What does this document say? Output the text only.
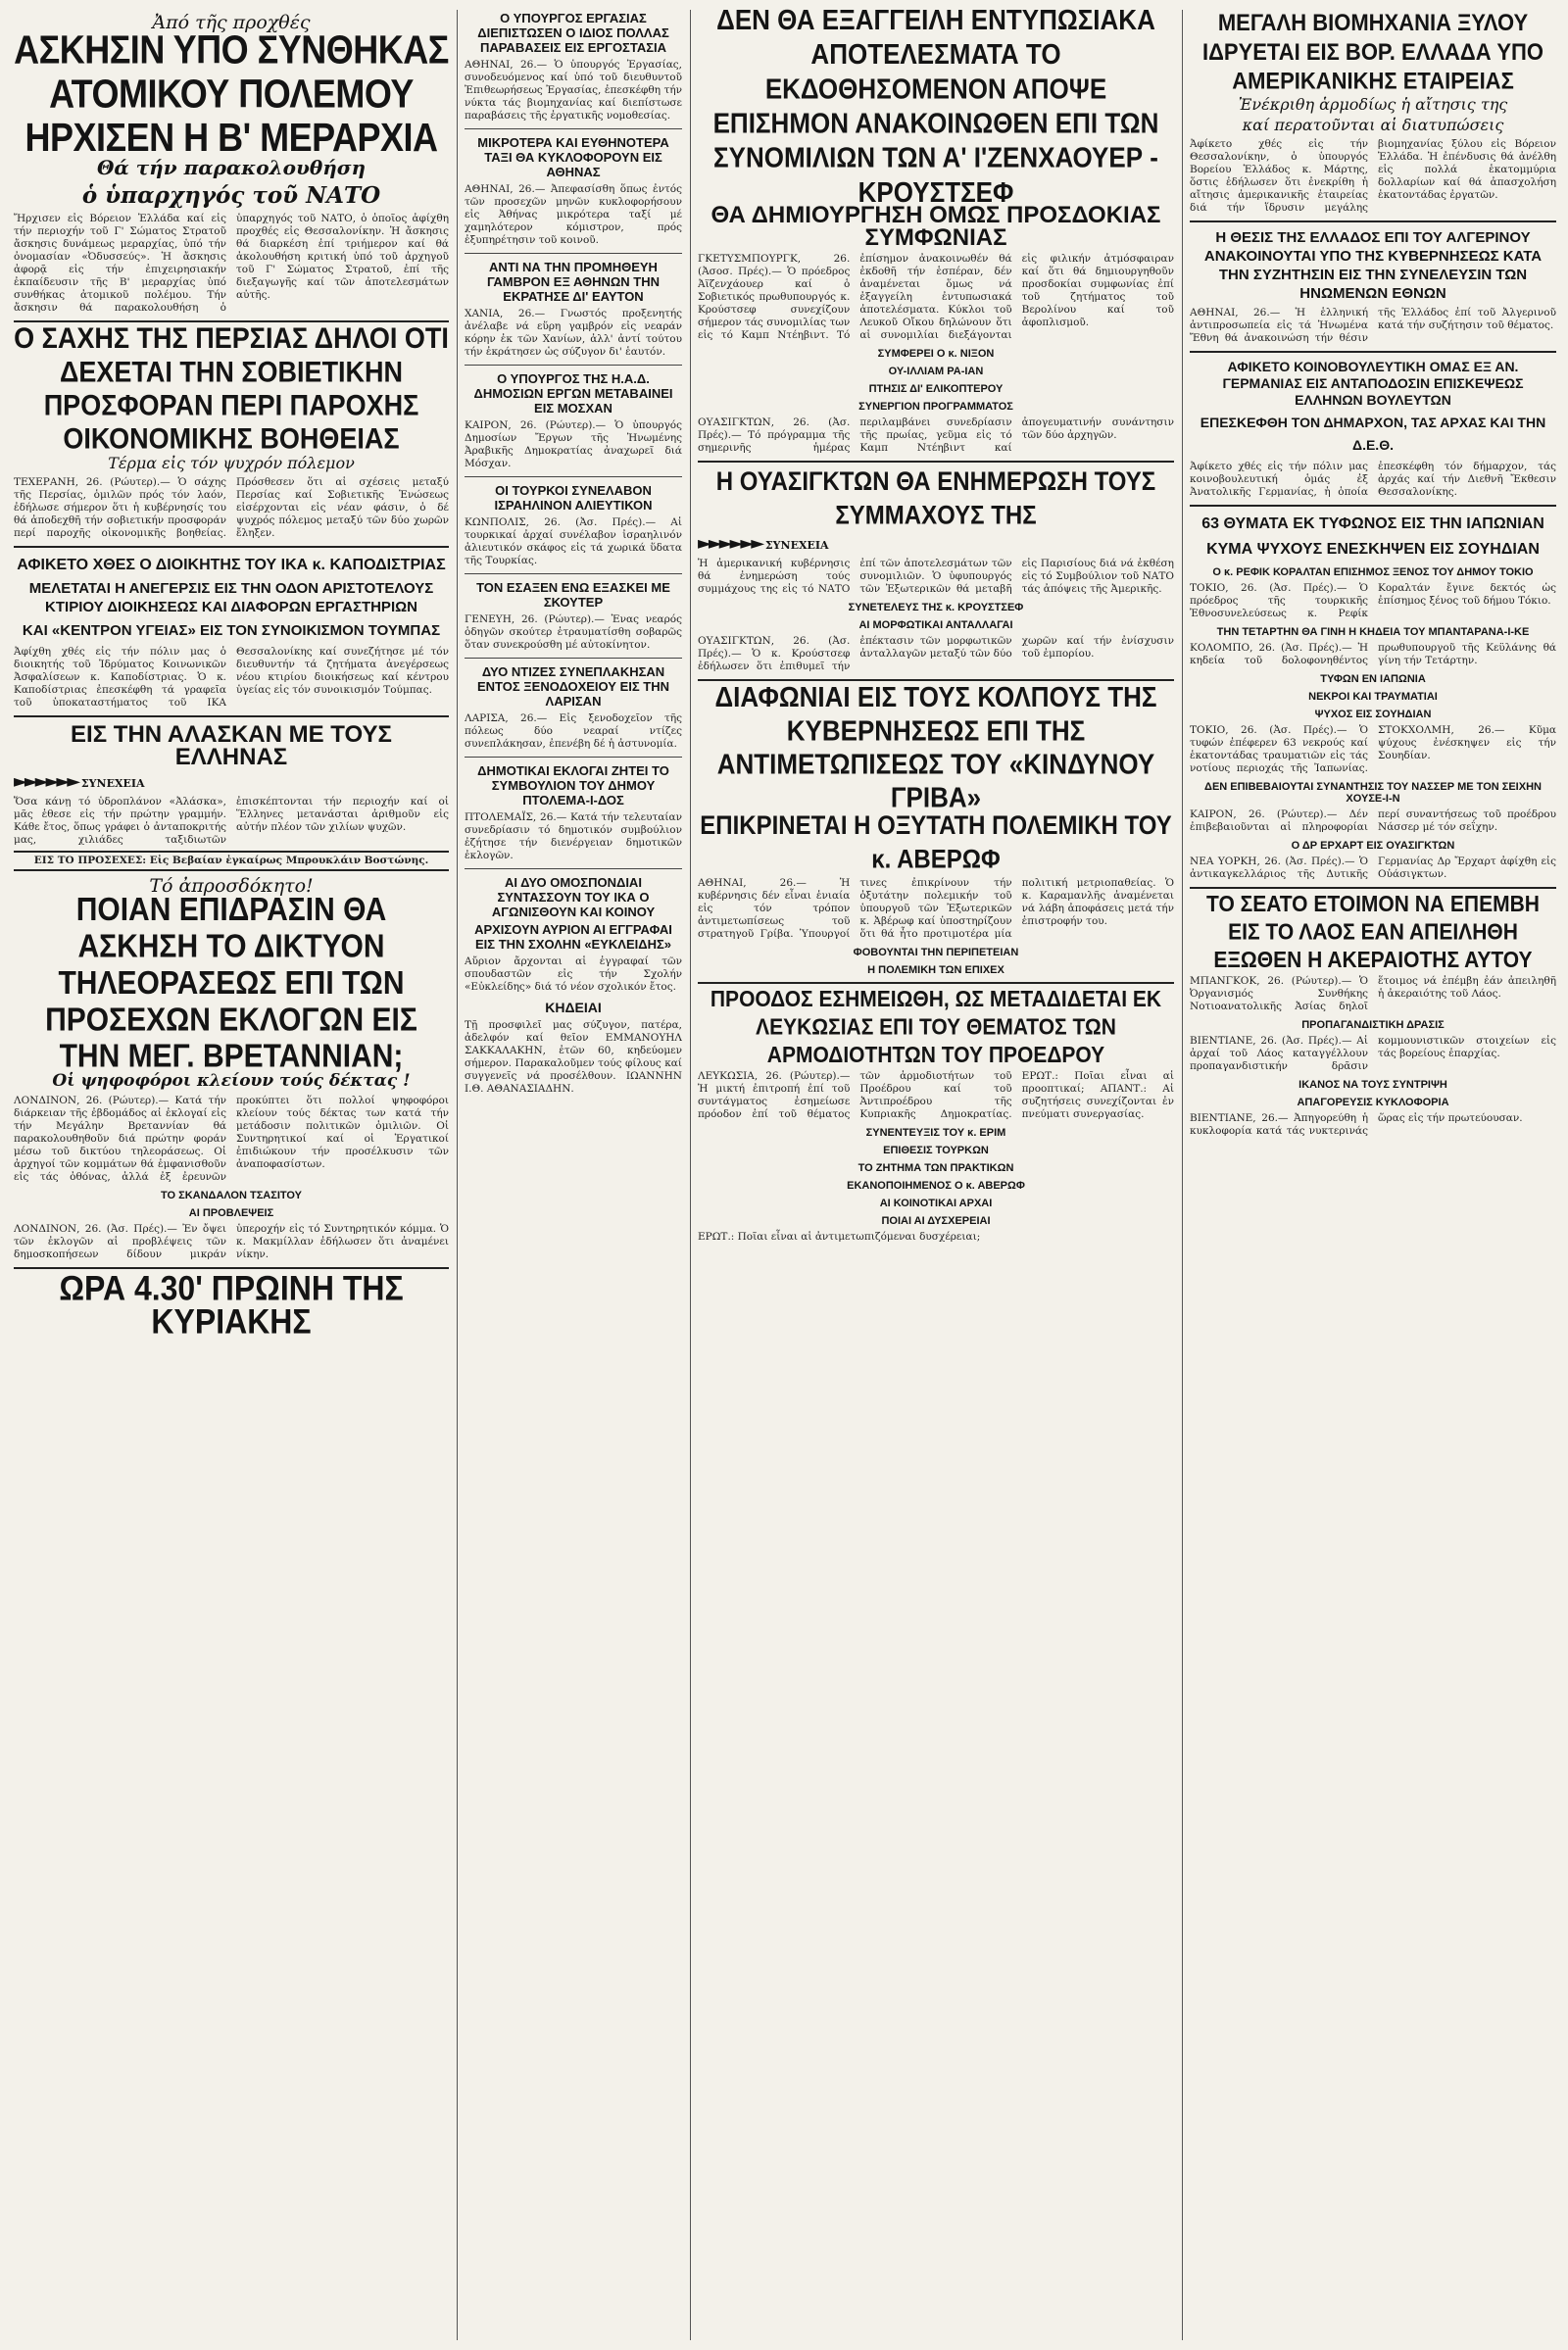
Ἀπό τῆς προχθές
ΑΣΚΗΣΙΝ ΥΠΟ ΣΥΝΘΗΚΑΣ ΑΤΟΜΙΚΟΥ ΠΟΛΕΜΟΥ ΗΡΧΙΣΕΝ Η Β' ΜΕΡΑΡΧΙΑ
Θά τήν παρακολουθήση
ὁ ὑπαρχηγός τοῦ ΝΑΤΟ
Ἤρχισεν εἰς Βόρειον Ἑλλάδα καί εἰς τήν περιοχήν τοῦ Γ' Σώματος Στρατοῦ ἄσκησις δυνάμεως μεραρχίας, ὑπό τήν ὀνομασίαν «Ὀδυσσεύς». Ἡ ἄσκησις ἀφορᾷ εἰς τήν ἐπιχειρησιακήν ἐκπαίδευσιν τῆς Β' μεραρχίας ὑπό συνθήκας ἀτομικοῦ πολέμου. Τήν ἄσκησιν θά παρακολουθήση ὁ ὑπαρχηγός τοῦ ΝΑΤΟ, ὁ ὁποῖος ἀφίχθη προχθές εἰς Θεσσαλονίκην. Ἡ ἄσκησις θά διαρκέση ἐπί τριήμερον καί θά ἀκολουθήση κριτική ὑπό τοῦ ἀρχηγοῦ τοῦ Γ' Σώματος Στρατοῦ, ἐπί τῆς διεξαγωγῆς καί τῶν ἀποτελεσμάτων αὐτῆς.
Ο ΣΑΧΗΣ ΤΗΣ ΠΕΡΣΙΑΣ ΔΗΛΟΙ ΟΤΙ ΔΕΧΕΤΑΙ ΤΗΝ ΣΟΒΙΕΤΙΚΗΝ ΠΡΟΣΦΟΡΑΝ ΠΕΡΙ ΠΑΡΟΧΗΣ ΟΙΚΟΝΟΜΙΚΗΣ ΒΟΗΘΕΙΑΣ
Τέρμα εἰς τόν ψυχρόν πόλεμον
ΤΕΧΕΡΑΝΗ, 26. (Ρώυτερ).— Ὁ σάχης τῆς Περσίας, ὁμιλῶν πρός τόν λαόν, ἐδήλωσε σήμερον ὅτι ἡ κυβέρνησίς του θά ἀποδεχθῆ τήν σοβιετικήν προσφοράν περί παροχῆς οἰκονομικῆς βοηθείας. Πρόσθεσεν ὅτι αἱ σχέσεις μεταξύ Περσίας καί Σοβιετικῆς Ἑνώσεως εἰσέρχονται εἰς νέαν φάσιν, ὁ δέ ψυχρός πόλεμος μεταξύ τῶν δύο χωρῶν ἔληξεν.
ΑΦΙΚΕΤΟ ΧΘΕΣ Ο ΔΙΟΙΚΗΤΗΣ ΤΟΥ ΙΚΑ κ. ΚΑΠΟΔΙΣΤΡΙΑΣ
ΜΕΛΕΤΑΤΑΙ Η ΑΝΕΓΕΡΣΙΣ ΕΙΣ ΤΗΝ ΟΔΟΝ ΑΡΙΣΤΟΤΕΛΟΥΣ ΚΤΙΡΙΟΥ ΔΙΟΙΚΗΣΕΩΣ ΚΑΙ ΔΙΑΦΟΡΩΝ ΕΡΓΑΣΤΗΡΙΩΝ
ΚΑΙ «ΚΕΝΤΡΟΝ ΥΓΕΙΑΣ» ΕΙΣ ΤΟΝ ΣΥΝΟΙΚΙΣΜΟΝ ΤΟΥΜΠΑΣ
Ἀφίχθη χθές εἰς τήν πόλιν μας ὁ διοικητής τοῦ Ἱδρύματος Κοινωνικῶν Ἀσφαλίσεων κ. Καποδίστριας. Ὁ κ. Καποδίστριας ἐπεσκέφθη τά γραφεῖα τοῦ ὑποκαταστήματος τοῦ ΙΚΑ Θεσσαλονίκης καί συνεζήτησε μέ τόν διευθυντήν τά ζητήματα ἀνεγέρσεως νέου κτιρίου διοικήσεως καί κέντρου ὑγείας εἰς τόν συνοικισμόν Τούμπας.
ΕΙΣ ΤΗΝ ΑΛΑΣΚΑΝ ΜΕ ΤΟΥΣ ΕΛΛΗΝΑΣ
►►►►►► ΣΥΝΕΧΕΙΑ
Ὅσα κάνῃ τό ὑδροπλάνον «Ἀλάσκα», μᾶς ἐθεσε εἰς τήν πρώτην γραμμήν. Κάθε ἔτος, ὅπως γράφει ὁ ἀνταποκριτής μας, χιλιάδες ταξιδιωτῶν ἐπισκέπτονται τήν περιοχήν καί οἱ Ἕλληνες μετανάσται ἀριθμοῦν εἰς αὐτήν πλέον τῶν χιλίων ψυχῶν.
ΕΙΣ ΤΟ ΠΡΟΣΕΧΕΣ: Εἰς Βεβαίαν ἐγκαίρως Μπρουκλάιν Βοστώνης.
Τό ἀπροσδόκητο!
ΠΟΙΑΝ ΕΠΙΔΡΑΣΙΝ ΘΑ ΑΣΚΗΣΗ ΤΟ ΔΙΚΤΥΟΝ ΤΗΛΕΟΡΑΣΕΩΣ ΕΠΙ ΤΩΝ ΠΡΟΣΕΧΩΝ ΕΚΛΟΓΩΝ ΕΙΣ ΤΗΝ ΜΕΓ. ΒΡΕΤΑΝΝΙΑΝ;
Οἱ ψηφοφόροι κλείουν τούς δέκτας !
ΛΟΝΔΙΝΟΝ, 26. (Ρώυτερ).— Κατά τήν διάρκειαν τῆς ἐβδομάδος αἱ ἐκλογαί εἰς τήν Μεγάλην Βρεταννίαν θά παρακολουθηθοῦν διά πρώτην φοράν μέσω τοῦ δικτύου τηλεοράσεως. Οἱ ἀρχηγοί τῶν κομμάτων θά ἐμφανισθοῦν εἰς τάς ὀθόνας, ἀλλά ἐξ ἐρευνῶν προκύπτει ὅτι πολλοί ψηφοφόροι κλείουν τούς δέκτας των κατά τήν μετάδοσιν πολιτικῶν ὁμιλιῶν. Οἱ Συντηρητικοί καί οἱ Ἐργατικοί ἐπιδιώκουν τήν προσέλκυσιν τῶν ἀναποφασίστων.
ΤΟ ΣΚΑΝΔΑΛΟΝ ΤΣΑΣΙΤΟΥ
ΑΙ ΠΡΟΒΛΕΨΕΙΣ
ΛΟΝΔΙΝΟΝ, 26. (Ἀσ. Πρές).— Ἐν ὄψει τῶν ἐκλογῶν αἱ προβλέψεις τῶν δημοσκοπήσεων δίδουν μικράν ὑπεροχήν εἰς τό Συντηρητικόν κόμμα. Ὁ κ. Μακμίλλαν ἐδήλωσεν ὅτι ἀναμένει νίκην.
ΩΡΑ 4.30' ΠΡΩΙΝΗ ΤΗΣ ΚΥΡΙΑΚΗΣ
Ο ΥΠΟΥΡΓΟΣ ΕΡΓΑΣΙΑΣ ΔΙΕΠΙΣΤΩΣΕΝ Ο ΙΔΙΟΣ ΠΟΛΛΑΣ ΠΑΡΑΒΑΣΕΙΣ ΕΙΣ ΕΡΓΟΣΤΑΣΙΑ
ΑΘΗΝΑΙ, 26.— Ὁ ὑπουργός Ἐργασίας, συνοδευόμενος καί ὑπό τοῦ διευθυντοῦ Ἐπιθεωρήσεως Ἐργασίας, ἐπεσκέφθη τήν νύκτα τάς βιομηχανίας καί διεπίστωσε παραβάσεις τῆς ἐργατικῆς νομοθεσίας.
ΜΙΚΡΟΤΕΡΑ ΚΑΙ ΕΥΘΗΝΟΤΕΡΑ ΤΑΞΙ ΘΑ ΚΥΚΛΟΦΟΡΟΥΝ ΕΙΣ ΑΘΗΝΑΣ
ΑΘΗΝΑΙ, 26.— Ἀπεφασίσθη ὅπως ἐντός τῶν προσεχῶν μηνῶν κυκλοφορήσουν εἰς Ἀθήνας μικρότερα ταξί μέ χαμηλότερον κόμιστρον, πρός ἐξυπηρέτησιν τοῦ κοινοῦ.
ΑΝΤΙ ΝΑ ΤΗΝ ΠΡΟΜΗΘΕΥΗ ΓΑΜΒΡΟΝ ΕΞ ΑΘΗΝΩΝ ΤΗΝ ΕΚΡΑΤΗΣΕ ΔΙ' ΕΑΥΤΟΝ
ΧΑΝΙΑ, 26.— Γνωστός προξενητής ἀνέλαβε νά εὕρη γαμβρόν εἰς νεαράν κόρην ἐκ τῶν Χανίων, ἀλλ' ἀντί τούτου τήν ἐκράτησεν ὡς σύζυγον δι' ἑαυτόν.
Ο ΥΠΟΥΡΓΟΣ ΤΗΣ Η.Α.Δ. ΔΗΜΟΣΙΩΝ ΕΡΓΩΝ ΜΕΤΑΒΑΙΝΕΙ ΕΙΣ ΜΟΣΧΑΝ
ΚΑΙΡΟΝ, 26. (Ρώυτερ).— Ὁ ὑπουργός Δημοσίων Ἔργων τῆς Ἡνωμένης Ἀραβικῆς Δημοκρατίας ἀναχωρεῖ διά Μόσχαν.
ΟΙ ΤΟΥΡΚΟΙ ΣΥΝΕΛΑΒΟΝ ΙΣΡΑΗΛΙΝΟΝ ΑΛΙΕΥΤΙΚΟΝ
ΚΩΝΠΟΛΙΣ, 26. (Ἀσ. Πρές).— Αἱ τουρκικαί ἀρχαί συνέλαβον ἰσραηλινόν ἁλιευτικόν σκάφος εἰς τά χωρικά ὕδατα τῆς Τουρκίας.
ΤΟΝ ΕΣΑΞΕΝ ΕΝΩ ΕΞΑΣΚΕΙ ΜΕ ΣΚΟΥΤΕΡ
ΓΕΝΕΥΗ, 26. (Ρώυτερ).— Ἐνας νεαρός ὁδηγῶν σκούτερ ἐτραυματίσθη σοβαρῶς ὅταν συνεκρούσθη μέ αὐτοκίνητον.
ΔΥΟ ΝΤΙΖΕΣ ΣΥΝΕΠΛΑΚΗΣΑΝ ΕΝΤΟΣ ΞΕΝΟΔΟΧΕΙΟΥ ΕΙΣ ΤΗΝ ΛΑΡΙΣΑΝ
ΛΑΡΙΣΑ, 26.— Εἰς ξενοδοχεῖον τῆς πόλεως δύο νεαραί ντίζες συνεπλάκησαν, ἐπενέβη δέ ἡ ἀστυνομία.
ΔΗΜΟΤΙΚΑΙ ΕΚΛΟΓΑΙ ΖΗΤΕΙ ΤΟ ΣΥΜΒΟΥΛΙΟΝ ΤΟΥ ΔΗΜΟΥ ΠΤΟΛΕΜΑ-Ι-ΔΟΣ
ΠΤΟΛΕΜΑΪΣ, 26.— Κατά τήν τελευταίαν συνεδρίασιν τό δημοτικόν συμβούλιον ἐζήτησε τήν διενέργειαν δημοτικῶν ἐκλογῶν.
ΑΙ ΔΥΟ ΟΜΟΣΠΟΝΔΙΑΙ ΣΥΝΤΑΣΣΟΥΝ ΤΟΥ ΙΚΑ Ο ΑΓΩΝΙΣΘΟΥΝ ΚΑΙ ΚΟΙΝΟΥ
ΑΡΧΙΣΟΥΝ ΑΥΡΙΟΝ ΑΙ ΕΓΓΡΑΦΑΙ ΕΙΣ ΤΗΝ ΣΧΟΛΗΝ «ΕΥΚΛΕΙΔΗΣ»
Αὔριον ἄρχονται αἱ ἐγγραφαί τῶν σπουδαστῶν εἰς τήν Σχολήν «Εὐκλείδης» διά τό νέον σχολικόν ἔτος.
ΚΗΔΕΙΑΙ
Τῇ προσφιλεῖ μας σύζυγον, πατέρα, ἀδελφόν καί θεῖον ΕΜΜΑΝΟΥΗΛ ΣΑΚΚΑΛΑΚΗΝ, ἐτῶν 60, κηδεύομεν σήμερον. Παρακαλοῦμεν τούς φίλους καί συγγενεῖς νά προσέλθουν. ΙΩΑΝΝΗΝ Ι.Θ. ΑΘΑΝΑΣΙΑΔΗΝ.
ΔΕΝ ΘΑ ΕΞΑΓΓΕΙΛΗ ΕΝΤΥΠΩΣΙΑΚΑ ΑΠΟΤΕΛΕΣΜΑΤΑ ΤΟ ΕΚΔΟΘΗΣΟΜΕΝΟΝ ΑΠΟΨΕ ΕΠΙΣΗΜΟΝ ΑΝΑΚΟΙΝΩΘΕΝ ΕΠΙ ΤΩΝ ΣΥΝΟΜΙΛΙΩΝ ΤΩΝ Α' Ι'ΖΕΝΧΑΟΥΕΡ - ΚΡΟΥΣΤΣΕΦ
ΘΑ ΔΗΜΙΟΥΡΓΗΣΗ ΟΜΩΣ ΠΡΟΣΔΟΚΙΑΣ ΣΥΜΦΩΝΙΑΣ
ΓΚΕΤΥΣΜΠΟΥΡΓΚ, 26. (Ἀσοσ. Πρές).— Ὁ πρόεδρος Ἀϊζενχάουερ καί ὁ Σοβιετικός πρωθυπουργός κ. Κρούστσεφ συνεχίζουν σήμερον τάς συνομιλίας των εἰς τό Καμπ Ντέηβιντ. Τό ἐπίσημον ἀνακοινωθέν θά ἐκδοθῆ τήν ἑσπέραν, δέν ἀναμένεται ὅμως νά ἐξαγγείλη ἐντυπωσιακά ἀποτελέσματα. Κύκλοι τοῦ Λευκοῦ Οἴκου δηλώνουν ὅτι αἱ συνομιλίαι διεξάγονται εἰς φιλικήν ἀτμόσφαιραν καί ὅτι θά δημιουργηθοῦν προσδοκίαι συμφωνίας ἐπί τοῦ ζητήματος τοῦ Βερολίνου καί τοῦ ἀφοπλισμοῦ.
ΣΥΜΦΕΡΕΙ Ο κ. ΝΙΞΟΝ
ΟΥ-ΙΛΛΙΑΜ ΡΑ-ΙΑΝ
ΠΤΗΣΙΣ ΔΙ' ΕΛΙΚΟΠΤΕΡΟΥ
ΣΥΝΕΡΓΙΟΝ ΠΡΟΓΡΑΜΜΑΤΟΣ
ΟΥΑΣΙΓΚΤΩΝ, 26. (Ἀσ. Πρές).— Τό πρόγραμμα τῆς σημερινῆς ἡμέρας περιλαμβάνει συνεδρίασιν τῆς πρωίας, γεῦμα εἰς τό Καμπ Ντέηβιντ καί ἀπογευματινήν συνάντησιν τῶν δύο ἀρχηγῶν.
Η ΟΥΑΣΙΓΚΤΩΝ ΘΑ ΕΝΗΜΕΡΩΣΗ ΤΟΥΣ ΣΥΜΜΑΧΟΥΣ ΤΗΣ
►►►►►► ΣΥΝΕΧΕΙΑ
Ἡ ἀμερικανική κυβέρνησις θά ἐνημερώση τούς συμμάχους της εἰς τό ΝΑΤΟ ἐπί τῶν ἀποτελεσμάτων τῶν συνομιλιῶν. Ὁ ὑφυπουργός τῶν Ἐξωτερικῶν θά μεταβῆ εἰς Παρισίους διά νά ἐκθέση εἰς τό Συμβούλιον τοῦ ΝΑΤΟ τάς ἀπόψεις τῆς Ἀμερικῆς.
ΣΥΝΕΤΕΛΕΥΣ ΤΗΣ κ. ΚΡΟΥΣΤΣΕΦ
ΑΙ ΜΟΡΦΩΤΙΚΑΙ ΑΝΤΑΛΛΑΓΑΙ
ΟΥΑΣΙΓΚΤΩΝ, 26. (Ἀσ. Πρές).— Ὁ κ. Κρούστσεφ ἐδήλωσεν ὅτι ἐπιθυμεῖ τήν ἐπέκτασιν τῶν μορφωτικῶν ἀνταλλαγῶν μεταξύ τῶν δύο χωρῶν καί τήν ἐνίσχυσιν τοῦ ἐμπορίου.
ΔΙΑΦΩΝΙΑΙ ΕΙΣ ΤΟΥΣ ΚΟΛΠΟΥΣ ΤΗΣ ΚΥΒΕΡΝΗΣΕΩΣ ΕΠΙ ΤΗΣ ΑΝΤΙΜΕΤΩΠΙΣΕΩΣ ΤΟΥ «ΚΙΝΔΥΝΟΥ ΓΡΙΒΑ»
ΕΠΙΚΡΙΝΕΤΑΙ Η ΟΞΥΤΑΤΗ ΠΟΛΕΜΙΚΗ ΤΟΥ κ. ΑΒΕΡΩΦ
ΑΘΗΝΑΙ, 26.— Ἡ κυβέρνησις δέν εἶναι ἑνιαία εἰς τόν τρόπον ἀντιμετωπίσεως τοῦ στρατηγοῦ Γρίβα. Ὑπουργοί τινες ἐπικρίνουν τήν ὀξυτάτην πολεμικήν τοῦ ὑπουργοῦ τῶν Ἐξωτερικῶν κ. Ἀβέρωφ καί ὑποστηρίζουν ὅτι θά ἦτο προτιμοτέρα μία πολιτική μετριοπαθείας. Ὁ κ. Καραμανλῆς ἀναμένεται νά λάβη ἀποφάσεις μετά τήν ἐπιστροφήν του.
ΦΟΒΟΥΝΤΑΙ ΤΗΝ ΠΕΡΙΠΕΤΕΙΑΝ
Η ΠΟΛΕΜΙΚΗ ΤΩΝ ΕΠΙΧΕΧ
ΠΡΟΟΔΟΣ ΕΣΗΜΕΙΩΘΗ, ΩΣ ΜΕΤΑΔΙΔΕΤΑΙ ΕΚ ΛΕΥΚΩΣΙΑΣ ΕΠΙ ΤΟΥ ΘΕΜΑΤΟΣ ΤΩΝ ΑΡΜΟΔΙΟΤΗΤΩΝ ΤΟΥ ΠΡΟΕΔΡΟΥ
ΛΕΥΚΩΣΙΑ, 26. (Ρώυτερ).— Ἡ μικτή ἐπιτροπή ἐπί τοῦ συντάγματος ἐσημείωσε πρόοδον ἐπί τοῦ θέματος τῶν ἁρμοδιοτήτων τοῦ Προέδρου καί τοῦ Ἀντιπροέδρου τῆς Κυπριακῆς Δημοκρατίας. ΕΡΩΤ.: Ποῖαι εἶναι αἱ προοπτικαί; ΑΠΑΝΤ.: Αἱ συζητήσεις συνεχίζονται ἐν πνεύματι συνεργασίας.
ΣΥΝΕΝΤΕΥΞΙΣ ΤΟΥ κ. ΕΡΙΜ
ΕΠΙΘΕΣΙΣ ΤΟΥΡΚΩΝ
ΤΟ ΖΗΤΗΜΑ ΤΩΝ ΠΡΑΚΤΙΚΩΝ
ΕΚΑΝΟΠΟΙΗΜΕΝΟΣ Ο κ. ΑΒΕΡΩΦ
ΑΙ ΚΟΙΝΟΤΙΚΑΙ ΑΡΧΑΙ
ΠΟΙΑΙ ΑΙ ΔΥΣΧΕΡΕΙΑΙ
ΕΡΩΤ.: Ποῖαι εἶναι αἱ ἀντιμετωπιζόμεναι δυσχέρειαι;
ΜΕΓΑΛΗ ΒΙΟΜΗΧΑΝΙΑ ΞΥΛΟΥ ΙΔΡΥΕΤΑΙ ΕΙΣ ΒΟΡ. ΕΛΛΑΔΑ ΥΠΟ ΑΜΕΡΙΚΑΝΙΚΗΣ ΕΤΑΙΡΕΙΑΣ
Ἐνέκριθη ἁρμοδίως ἡ αἴτησις της
καί περατοῦνται αἱ διατυπώσεις
Ἀφίκετο χθές εἰς τήν Θεσσαλονίκην, ὁ ὑπουργός Βορείου Ἑλλάδος κ. Μάρτης, ὅστις ἐδήλωσεν ὅτι ἐνεκρίθη ἡ αἴτησις ἀμερικανικῆς ἑταιρείας διά τήν ἵδρυσιν μεγάλης βιομηχανίας ξύλου εἰς Βόρειον Ἑλλάδα. Ἡ ἐπένδυσις θά ἀνέλθη εἰς πολλά ἑκατομμύρια δολλαρίων καί θά ἀπασχολήση ἑκατοντάδας ἐργατῶν.
Η ΘΕΣΙΣ ΤΗΣ ΕΛΛΑΔΟΣ ΕΠΙ ΤΟΥ ΑΛΓΕΡΙΝΟΥ ΑΝΑΚΟΙΝΟΥΤΑΙ ΥΠΟ ΤΗΣ ΚΥΒΕΡΝΗΣΕΩΣ ΚΑΤΑ ΤΗΝ ΣΥΖΗΤΗΣΙΝ ΕΙΣ ΤΗΝ ΣΥΝΕΛΕΥΣΙΝ ΤΩΝ ΗΝΩΜΕΝΩΝ ΕΘΝΩΝ
ΑΘΗΝΑΙ, 26.— Ἡ ἑλληνική ἀντιπροσωπεία εἰς τά Ἡνωμένα Ἔθνη θά ἀνακοινώση τήν θέσιν τῆς Ἑλλάδος ἐπί τοῦ Ἀλγερινοῦ κατά τήν συζήτησιν τοῦ θέματος.
ΑΦΙΚΕΤΟ ΚΟΙΝΟΒΟΥΛΕΥΤΙΚΗ ΟΜΑΣ ΕΞ ΑΝ. ΓΕΡΜΑΝΙΑΣ ΕΙΣ ΑΝΤΑΠΟΔΟΣΙΝ ΕΠΙΣΚΕΨΕΩΣ ΕΛΛΗΝΩΝ ΒΟΥΛΕΥΤΩΝ
ΕΠΕΣΚΕΦΘΗ ΤΟΝ ΔΗΜΑΡΧΟΝ, ΤΑΣ ΑΡΧΑΣ ΚΑΙ ΤΗΝ Δ.Ε.Θ.
Ἀφίκετο χθές εἰς τήν πόλιν μας κοινοβουλευτική ὁμάς ἐξ Ἀνατολικῆς Γερμανίας, ἡ ὁποία ἐπεσκέφθη τόν δήμαρχον, τάς ἀρχάς καί τήν Διεθνῆ Ἔκθεσιν Θεσσαλονίκης.
63 ΘΥΜΑΤΑ ΕΚ ΤΥΦΩΝΟΣ ΕΙΣ ΤΗΝ ΙΑΠΩΝΙΑΝ
ΚΥΜΑ ΨΥΧΟΥΣ ΕΝΕΣΚΗΨΕΝ ΕΙΣ ΣΟΥΗΔΙΑΝ
Ο κ. ΡΕΦΙΚ ΚΟΡΑΛΤΑΝ ΕΠΙΣΗΜΟΣ ΞΕΝΟΣ ΤΟΥ ΔΗΜΟΥ ΤΟΚΙΟ
ΤΟΚΙΟ, 26. (Ἀσ. Πρές).— Ὁ πρόεδρος τῆς τουρκικῆς Ἐθνοσυνελεύσεως κ. Ρεφίκ Κοραλτάν ἔγινε δεκτός ὡς ἐπίσημος ξένος τοῦ δήμου Τόκιο.
ΤΗΝ ΤΕΤΑΡΤΗΝ ΘΑ ΓΙΝΗ Η ΚΗΔΕΙΑ ΤΟΥ ΜΠΑΝΤΑΡΑΝΑ-Ι-ΚΕ
ΚΟΛΟΜΠΟ, 26. (Ἀσ. Πρές).— Ἡ κηδεία τοῦ δολοφονηθέντος πρωθυπουργοῦ τῆς Κεϋλάνης θά γίνη τήν Τετάρτην.
ΤΥΦΩΝ ΕΝ ΙΑΠΩΝΙΑ
ΝΕΚΡΟΙ ΚΑΙ ΤΡΑΥΜΑΤΙΑΙ
ΨΥΧΟΣ ΕΙΣ ΣΟΥΗΔΙΑΝ
ΤΟΚΙΟ, 26. (Ἀσ. Πρές).— Ὁ τυφών ἐπέφερεν 63 νεκρούς καί ἑκατοντάδας τραυματιῶν εἰς τάς νοτίους περιοχάς τῆς Ἰαπωνίας. ΣΤΟΚΧΟΛΜΗ, 26.— Κῦμα ψύχους ἐνέσκηψεν εἰς τήν Σουηδίαν.
ΔΕΝ ΕΠΙΒΕΒΑΙΟΥΤΑΙ ΣΥΝΑΝΤΗΣΙΣ ΤΟΥ ΝΑΣΣΕΡ ΜΕ ΤΟΝ ΣΕΙΧΗΝ ΧΟΥΣΕ-Ι-Ν
ΚΑΙΡΟΝ, 26. (Ρώυτερ).— Δέν ἐπιβεβαιοῦνται αἱ πληροφορίαι περί συναντήσεως τοῦ προέδρου Νάσσερ μέ τόν σεΐχην.
Ο ΔΡ ΕΡΧΑΡΤ ΕΙΣ ΟΥΑΣΙΓΚΤΩΝ
ΝΕΑ ΥΟΡΚΗ, 26. (Ἀσ. Πρές).— Ὁ ἀντικαγκελλάριος τῆς Δυτικῆς Γερμανίας Δρ Ἔρχαρτ ἀφίχθη εἰς Οὐάσιγκτων.
ΤΟ ΣΕΑΤΟ ΕΤΟΙΜΟΝ ΝΑ ΕΠΕΜΒΗ ΕΙΣ ΤΟ ΛΑΟΣ ΕΑΝ ΑΠΕΙΛΗΘΗ ΕΞΩΘΕΝ Η ΑΚΕΡΑΙΟΤΗΣ ΑΥΤΟΥ
ΜΠΑΝΓΚΟΚ, 26. (Ρώυτερ).— Ὁ Ὀργανισμός Συνθήκης Νοτιοανατολικῆς Ἀσίας δηλοῖ ἕτοιμος νά ἐπέμβη ἐάν ἀπειληθῆ ἡ ἀκεραιότης τοῦ Λάος.
ΠΡΟΠΑΓΑΝΔΙΣΤΙΚΗ ΔΡΑΣΙΣ
ΒΙΕΝΤΙΑΝΕ, 26. (Ἀσ. Πρές).— Αἱ ἀρχαί τοῦ Λάος καταγγέλλουν προπαγανδιστικήν δρᾶσιν κομμουνιστικῶν στοιχείων εἰς τάς βορείους ἐπαρχίας.
ΙΚΑΝΟΣ ΝΑ ΤΟΥΣ ΣΥΝΤΡΙΨΗ
ΑΠΑΓΟΡΕΥΣΙΣ ΚΥΚΛΟΦΟΡΙΑ
ΒΙΕΝΤΙΑΝΕ, 26.— Ἀπηγορεύθη ἡ κυκλοφορία κατά τάς νυκτερινάς ὥρας εἰς τήν πρωτεύουσαν.
